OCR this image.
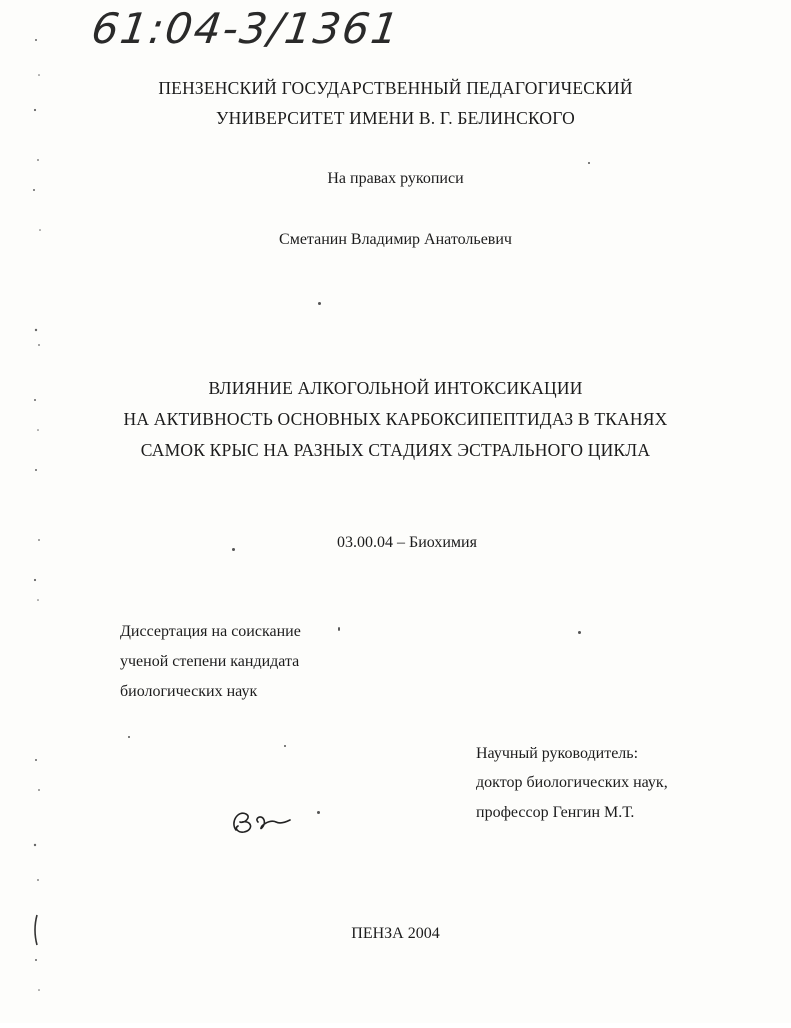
61:04-3/1361
ПЕНЗЕНСКИЙ ГОСУДАРСТВЕННЫЙ ПЕДАГОГИЧЕСКИЙ
УНИВЕРСИТЕТ ИМЕНИ В. Г. БЕЛИНСКОГО
На правах рукописи
Сметанин Владимир Анатольевич
ВЛИЯНИЕ АЛКОГОЛЬНОЙ ИНТОКСИКАЦИИ
НА АКТИВНОСТЬ ОСНОВНЫХ КАРБОКСИПЕПТИДАЗ В ТКАНЯХ
САМОК КРЫС НА РАЗНЫХ СТАДИЯХ ЭСТРАЛЬНОГО ЦИКЛА
03.00.04 – Биохимия
Диссертация на соискание
ученой степени кандидата
биологических наук
Научный руководитель:
доктор биологических наук,
профессор Генгин М.Т.
ПЕНЗА 2004
